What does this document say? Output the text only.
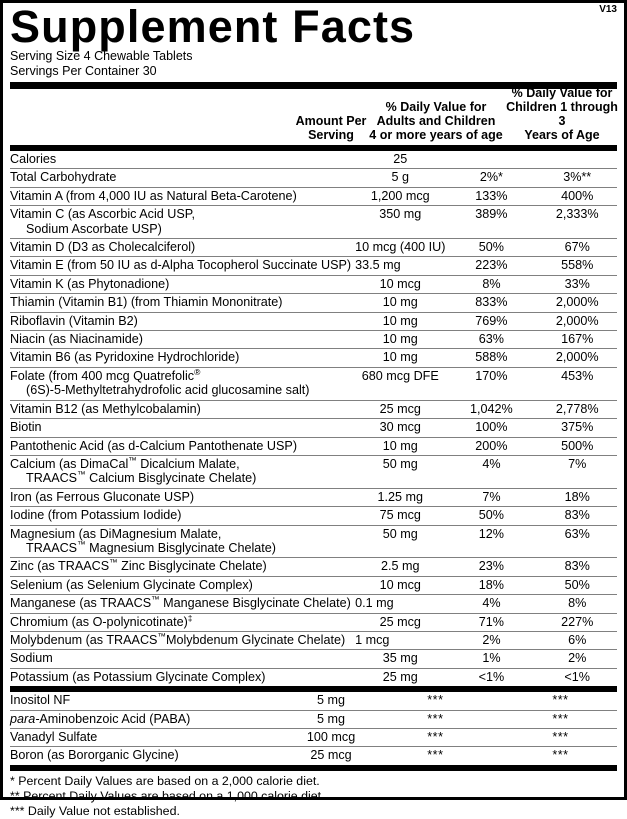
Supplement Facts	V13
Serving Size 4 Chewable Tablets
Servings Per Container 30
Amount Per
Serving
% Daily Value for
Adults and Children
4 or more years of age
% Daily Value for
Children 1 through 3
Years of Age
Calories	25		
Total Carbohydrate	5 g	2%*	3%**
Vitamin A (from 4,000 IU as Natural Beta-Carotene)	1,200 mcg	133%	400%
Vitamin C (as Ascorbic Acid USP,
Sodium Ascorbate USP)	350 mg	389%	2,333%
Vitamin D (D3 as Cholecalciferol)	10 mcg (400 IU)	50%	67%
Vitamin E (from 50 IU as d-Alpha Tocopherol Succinate USP)	33.5 mg	223%	558%
Vitamin K (as Phytonadione)	10 mcg	8%	33%
Thiamin (Vitamin B1) (from Thiamin Mononitrate)	10 mg	833%	2,000%
Riboflavin (Vitamin B2)	10 mg	769%	2,000%
Niacin (as Niacinamide)	10 mg	63%	167%
Vitamin B6 (as Pyridoxine Hydrochloride)	10 mg	588%	2,000%
Folate (from 400 mcg Quatrefolic®
(6S)-5-Methyltetrahydrofolic acid glucosamine salt)	680 mcg DFE	170%	453%
Vitamin B12 (as Methylcobalamin)	25 mcg	1,042%	2,778%
Biotin	30 mcg	100%	375%
Pantothenic Acid (as d-Calcium Pantothenate USP)	10 mg	200%	500%
Calcium (as DimaCal™ Dicalcium Malate,
TRAACS™ Calcium Bisglycinate Chelate)	50 mg	4%	7%
Iron (as Ferrous Gluconate USP)	1.25 mg	7%	18%
Iodine (from Potassium Iodide)	75 mcg	50%	83%
Magnesium (as DiMagnesium Malate,
TRAACS™ Magnesium Bisglycinate Chelate)	50 mg	12%	63%
Zinc (as TRAACS™ Zinc Bisglycinate Chelate)	2.5 mg	23%	83%
Selenium (as Selenium Glycinate Complex)	10 mcg	18%	50%
Manganese (as TRAACS™ Manganese Bisglycinate Chelate)	0.1 mg	4%	8%
Chromium (as O-polynicotinate)‡	25 mcg	71%	227%
Molybdenum (as TRAACS™Molybdenum Glycinate Chelate)	1 mcg	2%	6%
Sodium	35 mg	1%	2%
Potassium (as Potassium Glycinate Complex)	25 mg	<1%	<1%
Inositol NF	5 mg	***	***
para-Aminobenzoic Acid (PABA)	5 mg	***	***
Vanadyl Sulfate	100 mcg	***	***
Boron (as Bororganic Glycine)	25 mcg	***	***
* Percent Daily Values are based on a 2,000 calorie diet.
** Percent Daily Values are based on a 1,000 calorie diet.
*** Daily Value not established.
